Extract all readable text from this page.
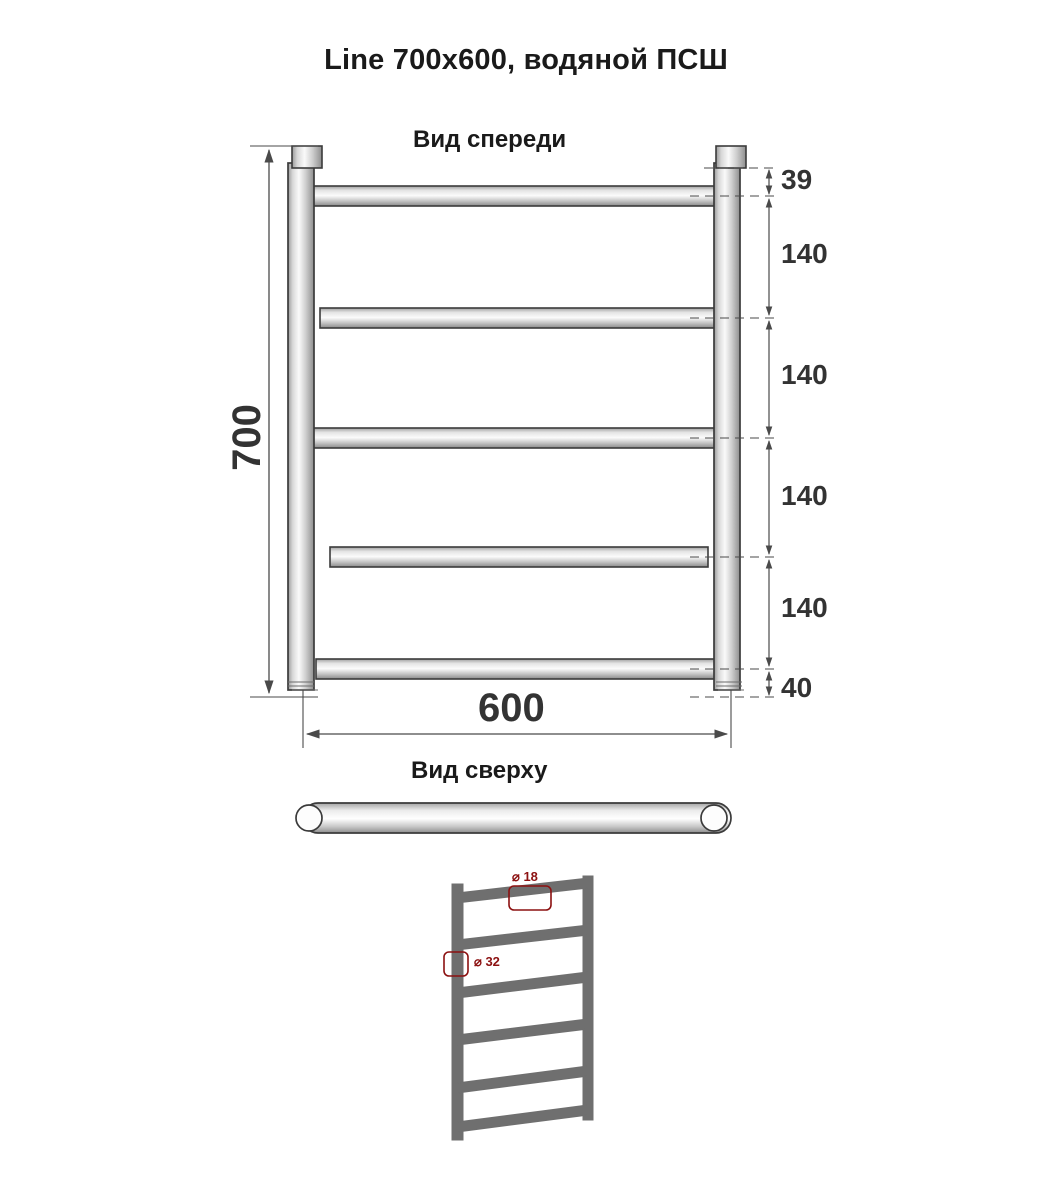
Line 700x600, водяной ПСШ
Вид спереди
Вид сверху
700
600
39
140
140
140
140
40
⌀ 18
⌀ 32
